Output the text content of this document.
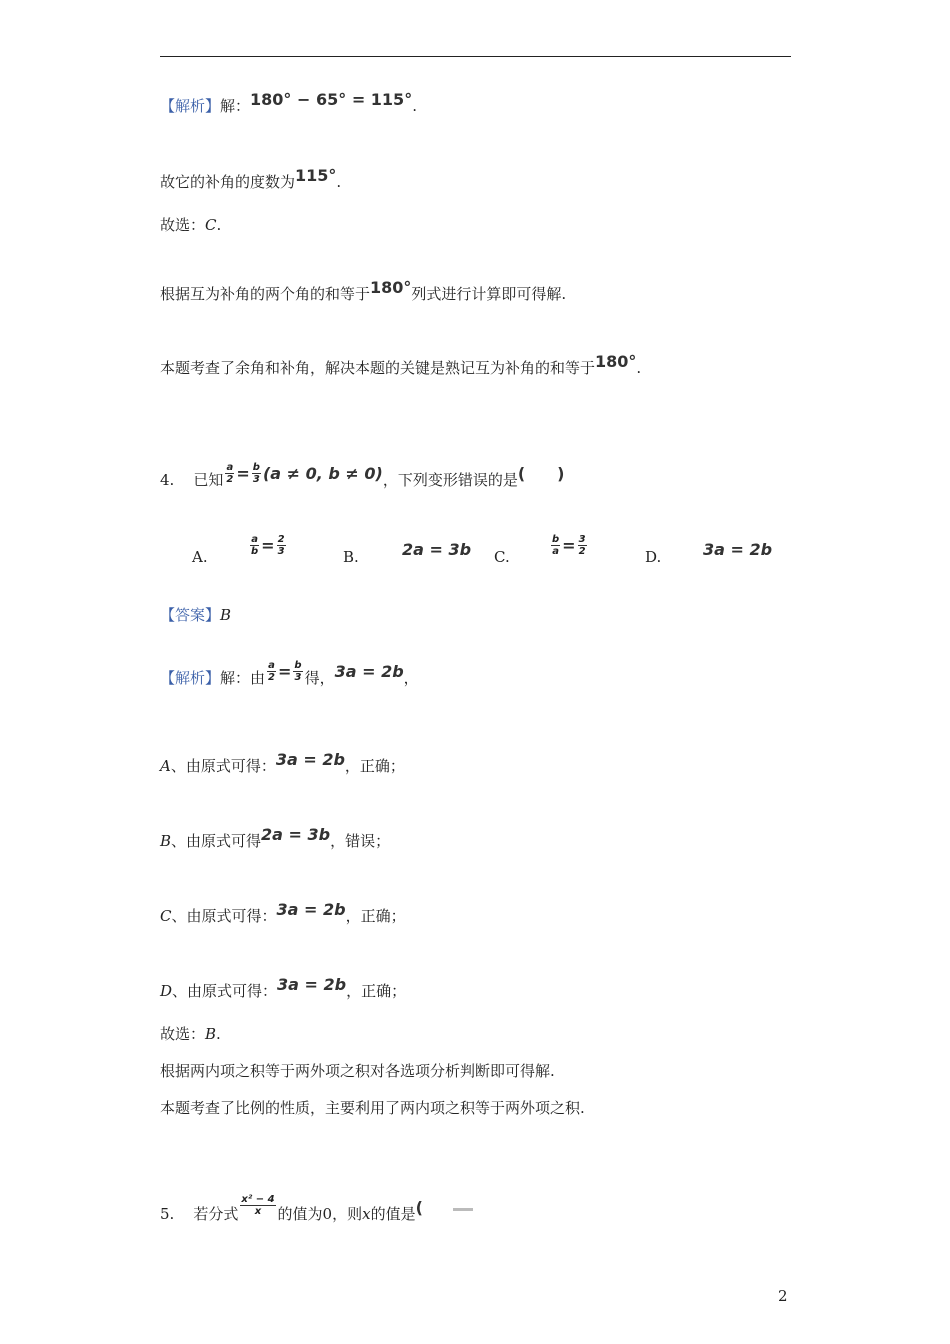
【解析】解：180° − 65° = 115°.
故它的补角的度数为115°.
故选：C.
根据互为补角的两个角的和等于180°列式进行计算即可得解.
本题考查了余角和补角，解决本题的关键是熟记互为补角的和等于180°.
4. 已知 $\frac{a}{2} = \frac{b}{3} (a \ne 0$, b ≠ 0)，下列变形错误的是(　　)
A.	$\frac{a}{b} = \frac{2}{3}$	B.	2a = 3b C.	$\frac{b}{a} = \frac{3}{2}$	D.	3a = 2b
【答案】B
【解析】解：由 $\frac{a}{2} = \frac{b}{3}$ 得，3a = 2b，
A、由原式可得：3a = 2b，正确；
B、由原式可得2a = 3b，错误；
C、由原式可得：3a = 2b，正确；
D、由原式可得：3a = 2b，正确；
故选：B.
根据两内项之积等于两外项之积对各选项分析判断即可得解.
本题考查了比例的性质，主要利用了两内项之积等于两外项之积.
5. 若分式 $\frac{\text{x² − 4}}{x}$ 的值为0，则x的值是(
2
